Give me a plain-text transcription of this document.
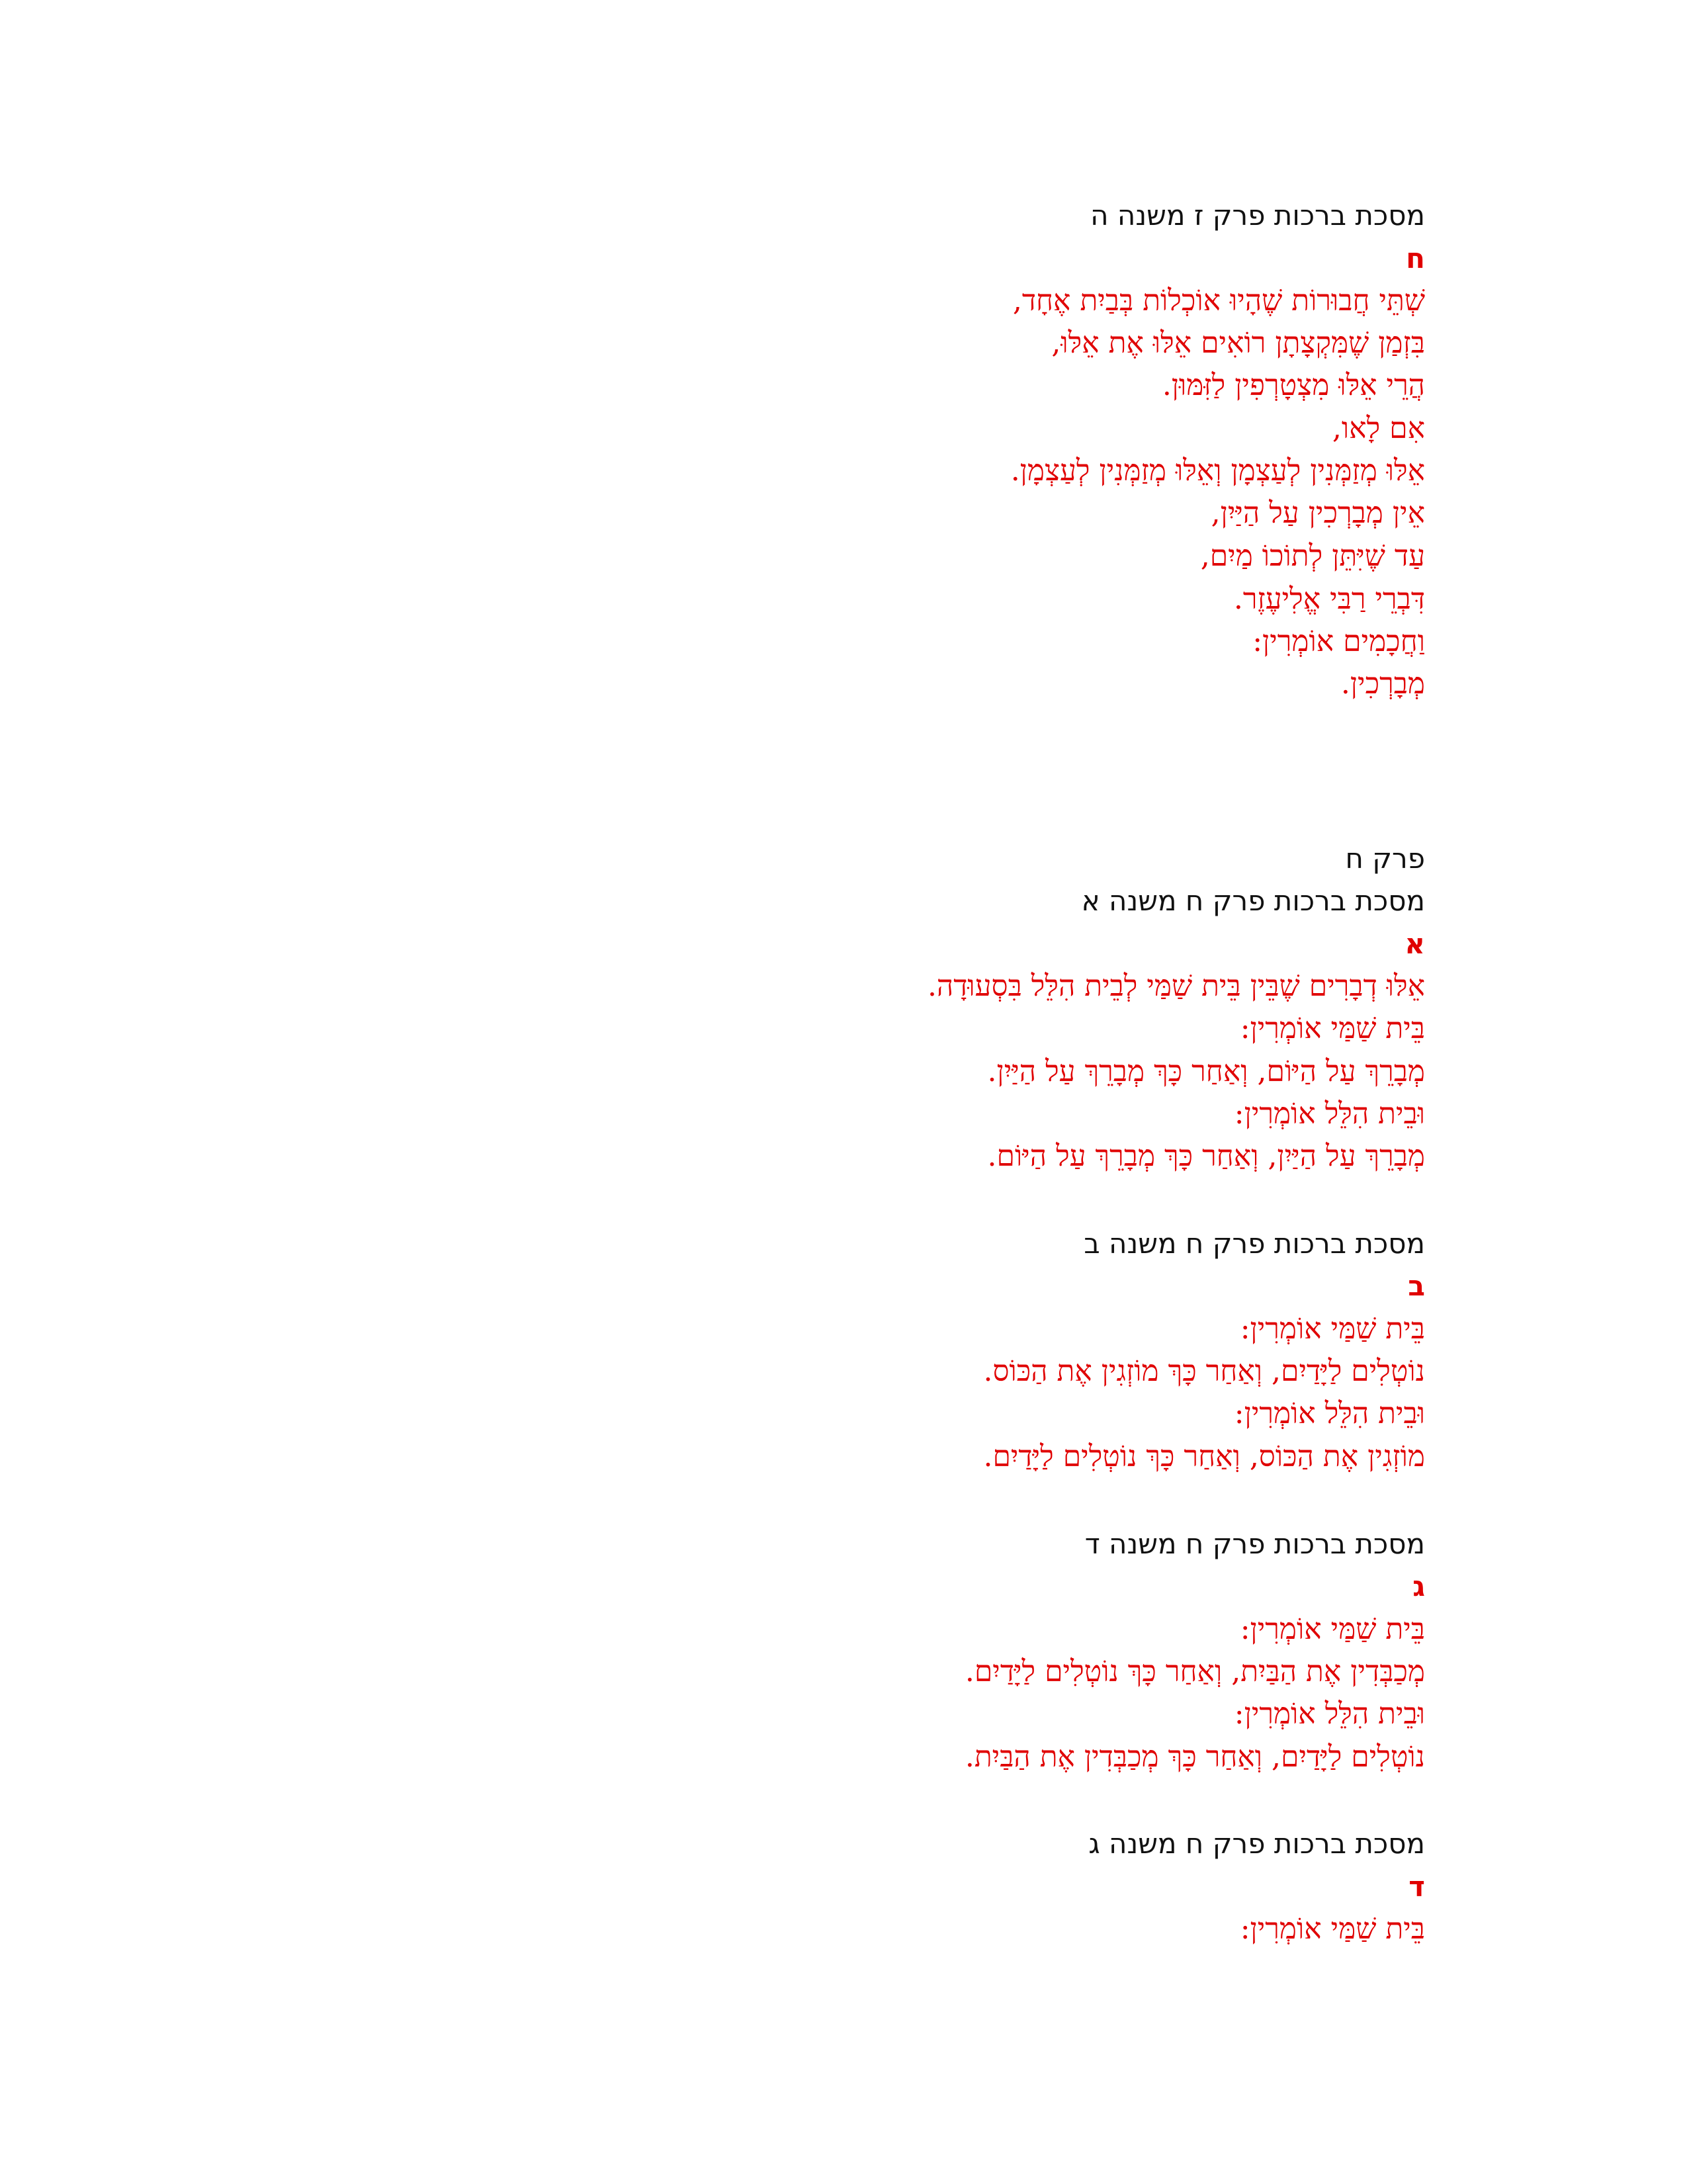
מסכת ברכות פרק ז משנה ה
ח
שְׁתֵּי חֲבוּרוֹת שֶׁהָיוּ אוֹכְלוֹת בְּבַיִת אֶחָד,
בִּזְמַן שֶׁמִּקְצָתָן רוֹאִים אֵלּוּ אֶת אֵלּוּ,
הֲרֵי אֵלּוּ מִצְטָרְפִין לַזִּמּוּן.
אִם לָאו,
אֵלּוּ מְזַמְּנִין לְעַצְמָן וְאֵלּוּ מְזַמְּנִין לְעַצְמָן.
אֵין מְבָרְכִין עַל הַיַּיִן,
עַד שֶׁיִּתֵּן לְתוֹכוֹ מַיִם,
דִּבְרֵי רַבִּי אֱלִיעֶזֶר.
וַחֲכָמִים אוֹמְרִין:
מְבָרְכִין.
פרק ח
מסכת ברכות פרק ח משנה א
א
אֵלּוּ דְבָרִים שֶׁבֵּין בֵּית שַׁמַּי לְבֵית הִלֵּל בִּסְעוּדָה.
בֵּית שַׁמַּי אוֹמְרִין:
מְבָרֵךְ עַל הַיּוֹם, וְאַחַר כָּךְ מְבָרֵךְ עַל הַיַּיִן.
וּבֵית הִלֵּל אוֹמְרִין:
מְבָרֵךְ עַל הַיַּיִן, וְאַחַר כָּךְ מְבָרֵךְ עַל הַיּוֹם.
מסכת ברכות פרק ח משנה ב
ב
בֵּית שַׁמַּי אוֹמְרִין:
נוֹטְלִים לַיָּדַיִם, וְאַחַר כָּךְ מוֹזְגִין אֶת הַכּוֹס.
וּבֵית הִלֵּל אוֹמְרִין:
מוֹזְגִין אֶת הַכּוֹס, וְאַחַר כָּךְ נוֹטְלִים לַיָּדַיִם.
מסכת ברכות פרק ח משנה ד
ג
בֵּית שַׁמַּי אוֹמְרִין:
מְכַבְּדִין אֶת הַבַּיִת, וְאַחַר כָּךְ נוֹטְלִים לַיָּדַיִם.
וּבֵית הִלֵּל אוֹמְרִין:
נוֹטְלִים לַיָּדַיִם, וְאַחַר כָּךְ מְכַבְּדִין אֶת הַבַּיִת.
מסכת ברכות פרק ח משנה ג
ד
בֵּית שַׁמַּי אוֹמְרִין:
